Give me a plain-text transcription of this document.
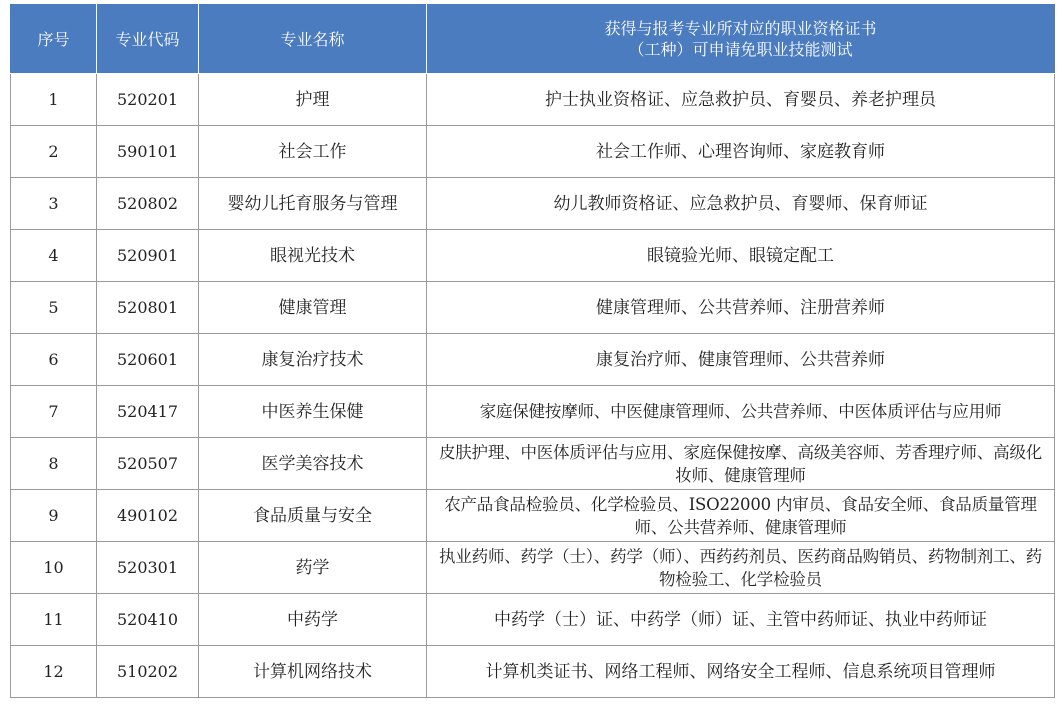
序号	专业代码	专业名称	获得与报考专业所对应的职业资格证书
（工种）可申请免职业技能测试

1	520201	护理	护士执业资格证、应急救护员、育婴员、养老护理员
2	590101	社会工作	社会工作师、心理咨询师、家庭教育师
3	520802	婴幼儿托育服务与管理	幼儿教师资格证、应急救护员、育婴师、保育师证
4	520901	眼视光技术	眼镜验光师、眼镜定配工
5	520801	健康管理	健康管理师、公共营养师、注册营养师
6	520601	康复治疗技术	康复治疗师、健康管理师、公共营养师
7	520417	中医养生保健	家庭保健按摩师、中医健康管理师、公共营养师、中医体质评估与应用师
8	520507	医学美容技术	皮肤护理、中医体质评估与应用、家庭保健按摩、高级美容师、芳香理疗师、高级化妆师、健康管理师
9	490102	食品质量与安全	农产品食品检验员、化学检验员、ISO22000 内审员、食品安全师、食品质量管理师、公共营养师、健康管理师
10	520301	药学	执业药师、药学（士）、药学（师）、西药药剂员、医药商品购销员、药物制剂工、药物检验工、化学检验员
11	520410	中药学	中药学（士）证、中药学（师）证、主管中药师证、执业中药师证
12	510202	计算机网络技术	计算机类证书、网络工程师、网络安全工程师、信息系统项目管理师
